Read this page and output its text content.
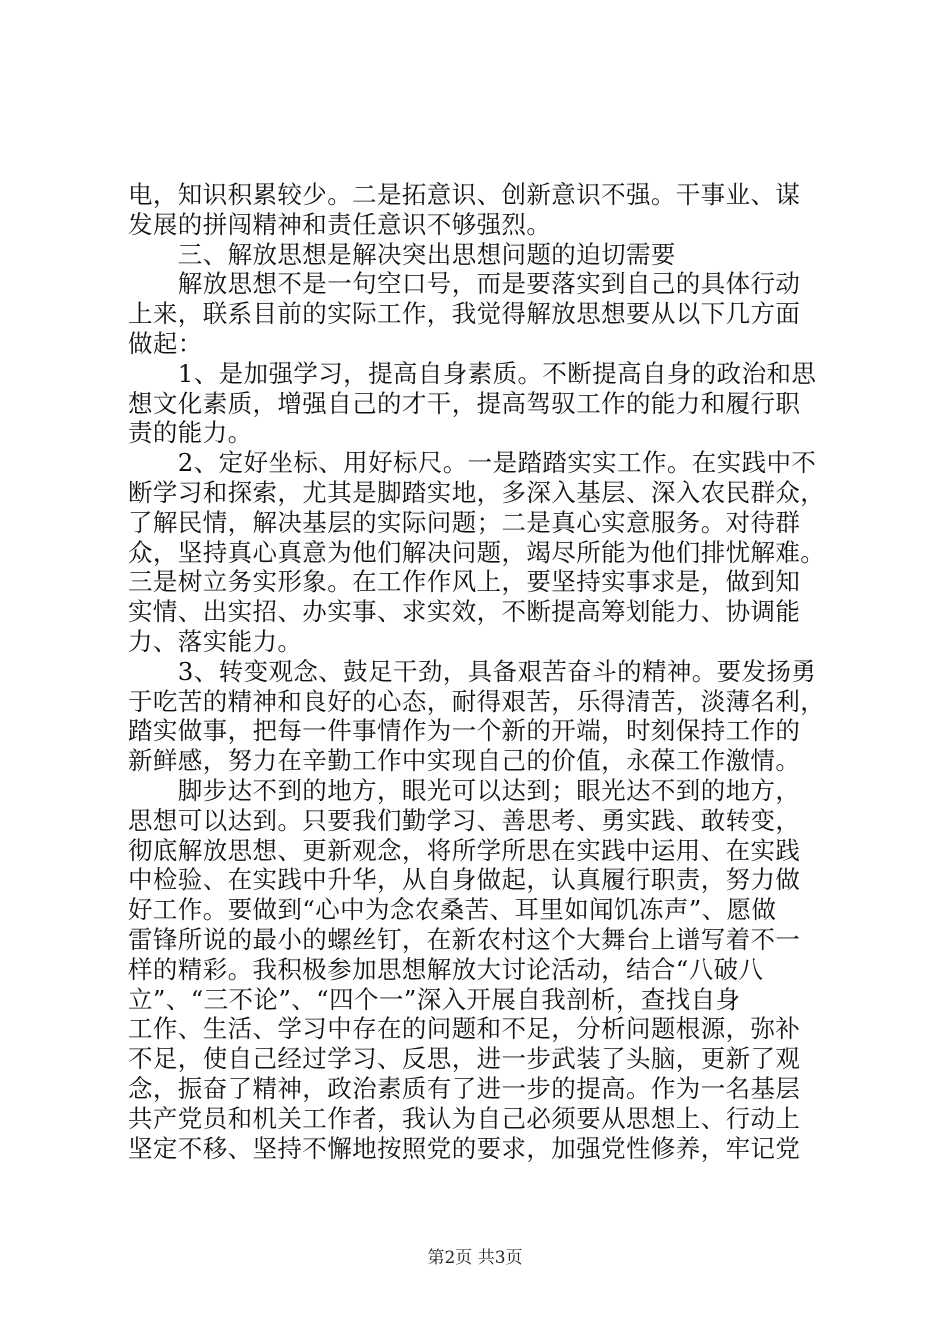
电，知识积累较少。二是拓意识、创新意识不强。干事业、谋
发展的拼闯精神和责任意识不够强烈。
　　三、解放思想是解决突出思想问题的迫切需要
　　解放思想不是一句空口号，而是要落实到自己的具体行动
上来，联系目前的实际工作，我觉得解放思想要从以下几方面
做起：
　　1、是加强学习，提高自身素质。不断提高自身的政治和思
想文化素质，增强自己的才干，提高驾驭工作的能力和履行职
责的能力。
　　2、定好坐标、用好标尺。一是踏踏实实工作。在实践中不
断学习和探索，尤其是脚踏实地，多深入基层、深入农民群众，
了解民情，解决基层的实际问题；二是真心实意服务。对待群
众，坚持真心真意为他们解决问题，竭尽所能为他们排忧解难。
三是树立务实形象。在工作作风上，要坚持实事求是，做到知
实情、出实招、办实事、求实效，不断提高筹划能力、协调能
力、落实能力。
　　3、转变观念、鼓足干劲，具备艰苦奋斗的精神。要发扬勇
于吃苦的精神和良好的心态，耐得艰苦，乐得清苦，淡薄名利，
踏实做事，把每一件事情作为一个新的开端，时刻保持工作的
新鲜感，努力在辛勤工作中实现自己的价值，永葆工作激情。
　　脚步达不到的地方，眼光可以达到；眼光达不到的地方，
思想可以达到。只要我们勤学习、善思考、勇实践、敢转变，
彻底解放思想、更新观念，将所学所思在实践中运用、在实践
中检验、在实践中升华，从自身做起，认真履行职责，努力做
好工作。要做到“心中为念农桑苦、耳里如闻饥冻声”、愿做
雷锋所说的最小的螺丝钉，在新农村这个大舞台上谱写着不一
样的精彩。我积极参加思想解放大讨论活动，结合“八破八
立”、“三不论”、“四个一”深入开展自我剖析，查找自身
工作、生活、学习中存在的问题和不足，分析问题根源，弥补
不足，使自己经过学习、反思，进一步武装了头脑，更新了观
念，振奋了精神，政治素质有了进一步的提高。作为一名基层
共产党员和机关工作者，我认为自己必须要从思想上、行动上
坚定不移、坚持不懈地按照党的要求，加强党性修养，牢记党
第2页 共3页
